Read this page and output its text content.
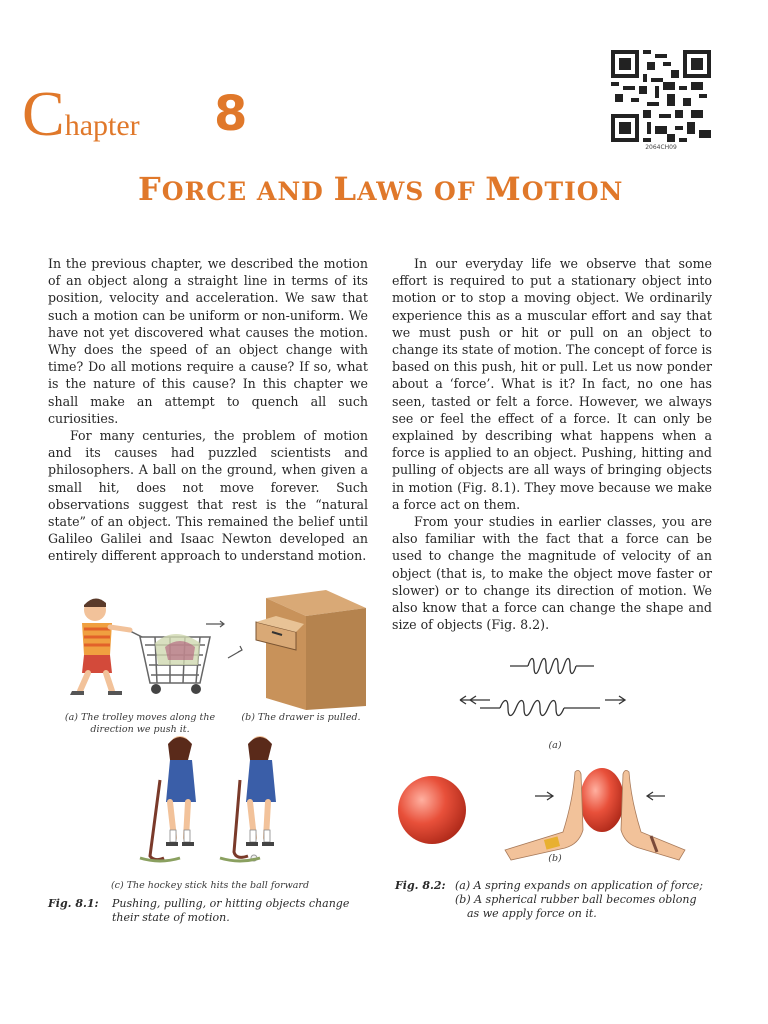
Chapter 8
2064CH09
FORCE AND LAWS OF MOTION

In the previous chapter, we described the motion of an object along a straight line in terms of its position, velocity and acceleration. We saw that such a motion can be uniform or non-uniform. We have not yet discovered what causes the motion. Why does the speed of an object change with time? Do all motions require a cause? If so, what is the nature of this cause? In this chapter we shall make an attempt to quench all such curiosities.

For many centuries, the problem of motion and its causes had puzzled scientists and philosophers. A ball on the ground, when given a small hit, does not move forever. Such observations suggest that rest is the “natural state” of an object. This remained the belief until Galileo Galilei and Isaac Newton developed an entirely different approach to understand motion.

In our everyday life we observe that some effort is required to put a stationary object into motion or to stop a moving object. We ordinarily experience this as a muscular effort and say that we must push or hit or pull on an object to change its state of motion. The concept of force is based on this push, hit or pull. Let us now ponder about a ‘force’. What is it? In fact, no one has seen, tasted or felt a force. However, we always see or feel the effect of a force. It can only be explained by describing what happens when a force is applied to an object. Pushing, hitting and pulling of objects are all ways of bringing objects in motion (Fig. 8.1). They move because we make a force act on them.

From your studies in earlier classes, you are also familiar with the fact that a force can be used to change the magnitude of velocity of an object (that is, to make the object move faster or slower) or to change its direction of motion. We also know that a force can change the shape and size of objects (Fig. 8.2).

(a) The trolley moves along the direction we push it.
(b) The drawer is pulled.
(c) The hockey stick hits the ball forward
Fig. 8.1:	Pushing, pulling, or hitting objects change their state of motion.
(a)
(b)
Fig. 8.2: (a) A spring expands on application of force;
(b) A spherical rubber ball becomes oblong
as we apply force on it.
